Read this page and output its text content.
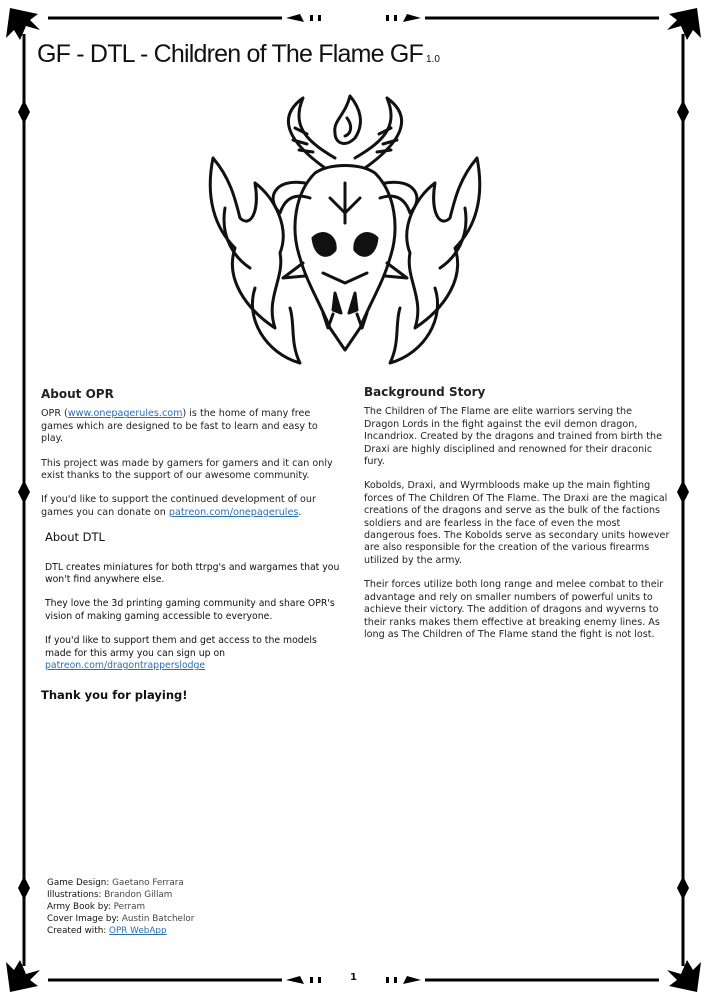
GF - DTL - Children of The Flame GF 1.0
About OPR

OPR (www.onepagerules.com) is the home of many free games which are designed to be fast to learn and easy to play.

This project was made by gamers for gamers and it can only exist thanks to the support of our awesome community.

If you'd like to support the continued development of our games you can donate on patreon.com/onepagerules.

About DTL

DTL creates miniatures for both ttrpg's and wargames that you won't find anywhere else.

They love the 3d printing gaming community and share OPR's vision of making gaming accessible to everyone.

If you'd like to support them and get access to the models made for this army you can sign up on
patreon.com/dragontrapperslodge

Thank you for playing!
Background Story

The Children of The Flame are elite warriors serving the Dragon Lords in the fight against the evil demon dragon, Incandriox. Created by the dragons and trained from birth the Draxi are highly disciplined and renowned for their draconic fury.

Kobolds, Draxi, and Wyrmbloods make up the main fighting forces of The Children Of The Flame. The Draxi are the magical creations of the dragons and serve as the bulk of the factions soldiers and are fearless in the face of even the most dangerous foes. The Kobolds serve as secondary units however are also responsible for the creation of the various firearms utilized by the army.

Their forces utilize both long range and melee combat to their advantage and rely on smaller numbers of powerful units to achieve their victory. The addition of dragons and wyverns to their ranks makes them effective at breaking enemy lines. As long as The Children of The Flame stand the fight is not lost.

Game Design: Gaetano Ferrara
Illustrations: Brandon Gillam
Army Book by: Perram
Cover Image by: Austin Batchelor
Created with: OPR WebApp
1
